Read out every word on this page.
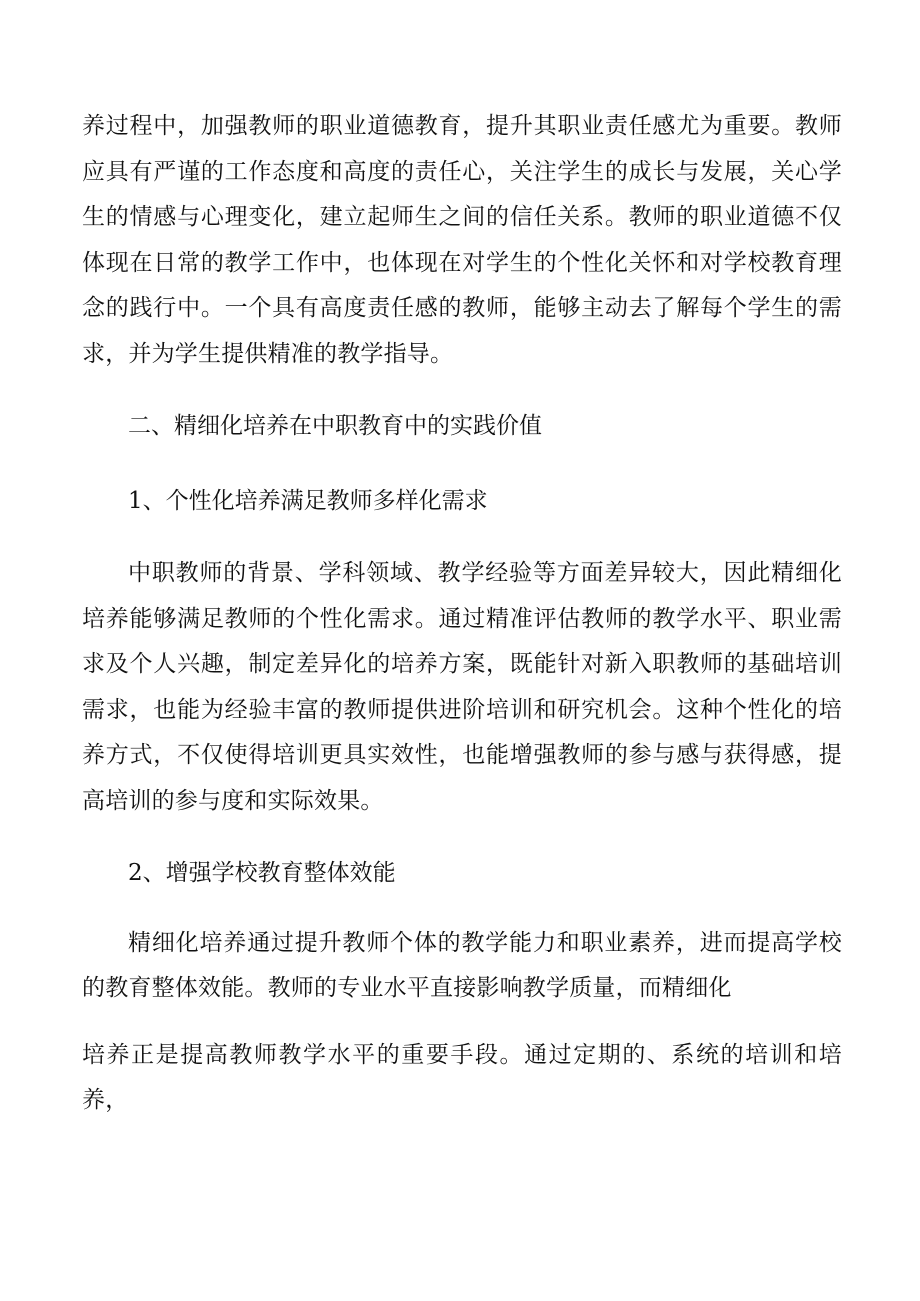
养过程中，加强教师的职业道德教育，提升其职业责任感尤为重要。教师应具有严谨的工作态度和高度的责任心，关注学生的成长与发展，关心学生的情感与心理变化，建立起师生之间的信任关系。教师的职业道德不仅体现在日常的教学工作中，也体现在对学生的个性化关怀和对学校教育理念的践行中。一个具有高度责任感的教师，能够主动去了解每个学生的需求，并为学生提供精准的教学指导。

二、精细化培养在中职教育中的实践价值

1、个性化培养满足教师多样化需求

中职教师的背景、学科领域、教学经验等方面差异较大，因此精细化培养能够满足教师的个性化需求。通过精准评估教师的教学水平、职业需求及个人兴趣，制定差异化的培养方案，既能针对新入职教师的基础培训需求，也能为经验丰富的教师提供进阶培训和研究机会。这种个性化的培养方式，不仅使得培训更具实效性，也能增强教师的参与感与获得感，提高培训的参与度和实际效果。

2、增强学校教育整体效能

精细化培养通过提升教师个体的教学能力和职业素养，进而提高学校的教育整体效能。教师的专业水平直接影响教学质量，而精细化

培养正是提高教师教学水平的重要手段。通过定期的、系统的培训和培养，
